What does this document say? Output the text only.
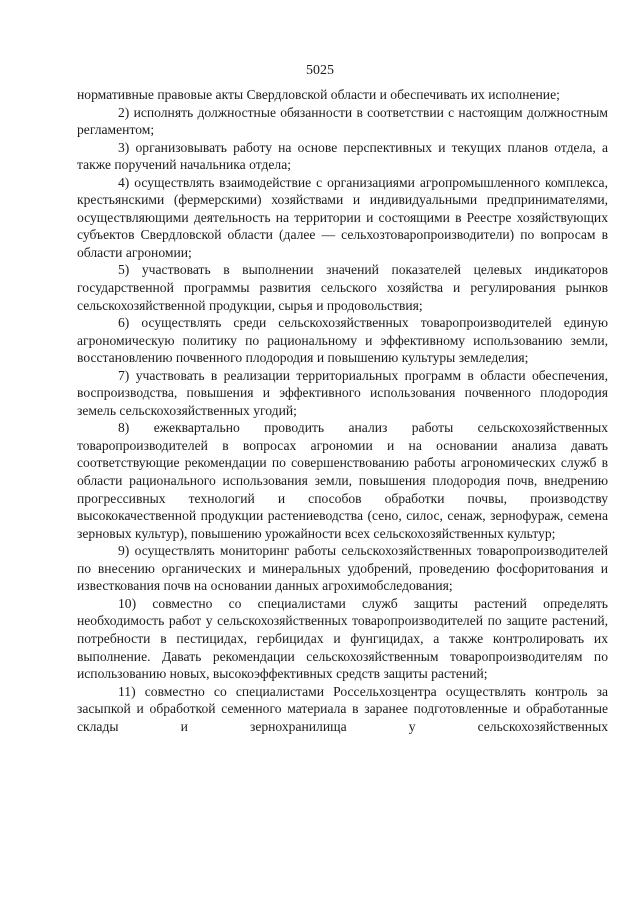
5025

нормативные правовые акты Свердловской области и обеспечивать их исполнение;

2) исполнять должностные обязанности в соответствии с настоящим должностным регламентом;

3) организовывать работу на основе перспективных и текущих планов отдела, а также поручений начальника отдела;

4) осуществлять взаимодействие с организациями агропромышленного комплекса, крестьянскими (фермерскими) хозяйствами и индивидуальными предпринимателями, осуществляющими деятельность на территории и состоящими в Реестре хозяйствующих субъектов Свердловской области (далее — сельхозтоваропроизводители) по вопросам в области агрономии;

5) участвовать в выполнении значений показателей целевых индикаторов государственной программы развития сельского хозяйства и регулирования рынков сельскохозяйственной продукции, сырья и продовольствия;

6) осуществлять среди сельскохозяйственных товаропроизводителей единую агрономическую политику по рациональному и эффективному использованию земли, восстановлению почвенного плодородия и повышению культуры земледелия;

7) участвовать в реализации территориальных программ в области обеспечения, воспроизводства, повышения и эффективного использования почвенного плодородия земель сельскохозяйственных угодий;

8) ежеквартально проводить анализ работы сельскохозяйственных товаропроизводителей в вопросах агрономии и на основании анализа давать соответствующие рекомендации по совершенствованию работы агрономических служб в области рационального использования земли, повышения плодородия почв, внедрению прогрессивных технологий и способов обработки почвы, производству высококачественной продукции растениеводства (сено, силос, сенаж, зернофураж, семена зерновых культур), повышению урожайности всех сельскохозяйственных культур;

9) осуществлять мониторинг работы сельскохозяйственных товаропроизводителей по внесению органических и минеральных удобрений, проведению фосфоритования и известкования почв на основании данных агрохимобследования;

10) совместно со специалистами служб защиты растений определять необходимость работ у сельскохозяйственных товаропроизводителей по защите растений, потребности в пестицидах, гербицидах и фунгицидах, а также контролировать их выполнение. Давать рекомендации сельскохозяйственным товаропроизводителям по использованию новых, высокоэффективных средств защиты растений;

11) совместно со специалистами Россельхозцентра осуществлять контроль за засыпкой и обработкой семенного материала в заранее подготовленные и обработанные склады и зернохранилища у сельскохозяйственных
